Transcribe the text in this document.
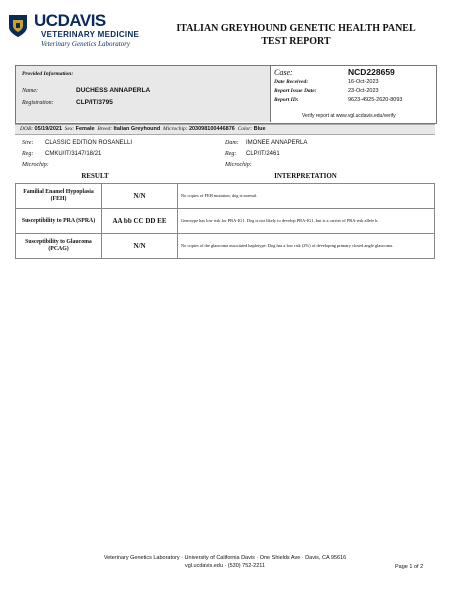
UCDAVIS
VETERINARY MEDICINE
Veterinary Genetics Laboratory
ITALIAN GREYHOUND GENETIC HEALTH PANEL
TEST REPORT
Provided Information:
Name:	DUCHESS ANNAPERLA
Registration:	CLP/IT/3795
Case:	NCD228659
Date Received:	16-Oct-2023
Report Issue Date:	23-Oct-2023
Report ID:	9623-4925-2620-8093
Verify report at www.vgl.ucdavis.edu/verify
DOB: 05/19/2021 Sex: Female Breed: Italian Greyhound Microchip: 203098100446876 Color: Blue
Sire: CLASSIC EDITION ROSANELLI
Reg: CMKU/IT/3147/18/21
Microchip:
Dam: IMONEE ANNAPERLA
Reg: CLP/IT/2461
Microchip:
RESULT	INTERPRETATION
Familial Enamel Hypoplasia (FEH)	N/N	No copies of FEH mutation; dog is normal.
Susceptibility to PRA (SPRA)	AA bb CC DD EE	Genotype has low risk for PRA-IG1. Dog is not likely to develop PRA-IG1, but is a carrier of PRA-risk allele b.
Susceptibility to Glaucoma (PCAG)	N/N	No copies of the glaucoma associated haplotype. Dog has a low risk (2%) of developing primary closed angle glaucoma.
Veterinary Genetics Laboratory · University of California Davis · One Shields Ave · Davis, CA 95616
vgl.ucdavis.edu · (530) 752-2211	Page 1 of 2
